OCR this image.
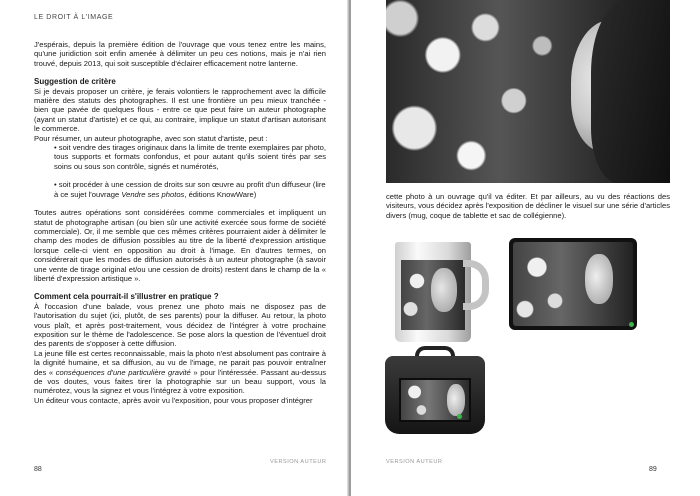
LE DROIT À L'IMAGE

J'espérais, depuis la première édition de l'ouvrage que vous tenez entre les mains, qu'une juridiction soit enfin amenée à délimiter un peu ces notions, mais je n'ai rien trouvé, depuis 2013, qui soit susceptible d'éclairer efficacement notre lanterne.

Suggestion de critère

Si je devais proposer un critère, je ferais volontiers le rapprochement avec la difficile matière des statuts des photographes. Il est une frontière un peu mieux tranchée - bien que pavée de quelques flous - entre ce que peut faire un auteur photographe (ayant un statut d'artiste) et ce qui, au contraire, implique un statut d'artisan autorisant le commerce.

Pour résumer, un auteur photographe, avec son statut d'artiste, peut :

• soit vendre des tirages originaux dans la limite de trente exemplaires par photo, tous supports et formats confondus, et pour autant qu'ils soient tirés par ses soins ou sous son contrôle, signés et numérotés,

• soit procéder à une cession de droits sur son œuvre au profit d'un diffuseur (lire à ce sujet l'ouvrage Vendre ses photos, éditions KnowWare)

Toutes autres opérations sont considérées comme commerciales et impliquent un statut de photographe artisan (ou bien sûr une activité exercée sous forme de société commerciale). Or, il me semble que ces mêmes critères pourraient aider à délimiter le champ des modes de diffusion possibles au titre de la liberté d'expression artistique lorsque celle-ci vient en opposition au droit à l'image. En d'autres termes, on considérerait que les modes de diffusion autorisés à un auteur photographe (à savoir une vente de tirage original et/ou une cession de droits) restent dans le champ de la « liberté d'expression artistique ».

Comment cela pourrait-il s'illustrer en pratique ?

À l'occasion d'une balade, vous prenez une photo mais ne disposez pas de l'autorisation du sujet (ici, plutôt, de ses parents) pour la diffuser. Au retour, la photo vous plaît, et après post-traitement, vous décidez de l'intégrer à votre prochaine exposition sur le thème de l'adolescence. Se pose alors la question de l'éventuel droit des parents de s'opposer à cette diffusion.

La jeune fille est certes reconnaissable, mais la photo n'est absolument pas contraire à la dignité humaine, et sa diffusion, au vu de l'image, ne parait pas pouvoir entraîner des « conséquences d'une particulière gravité » pour l'intéressée. Passant au-dessus de vos doutes, vous faites tirer la photographie sur un beau support, vous la numérotez, vous la signez et vous l'intégrez à votre exposition.

Un éditeur vous contacte, après avoir vu l'exposition, pour vous proposer d'intégrer

VERSION AUTEUR
88

cette photo à un ouvrage qu'il va éditer. Et par ailleurs, au vu des réactions des visiteurs, vous décidez après l'exposition de décliner le visuel sur une série d'articles divers (mug, coque de tablette et sac de collégienne).

VERSION AUTEUR
89
